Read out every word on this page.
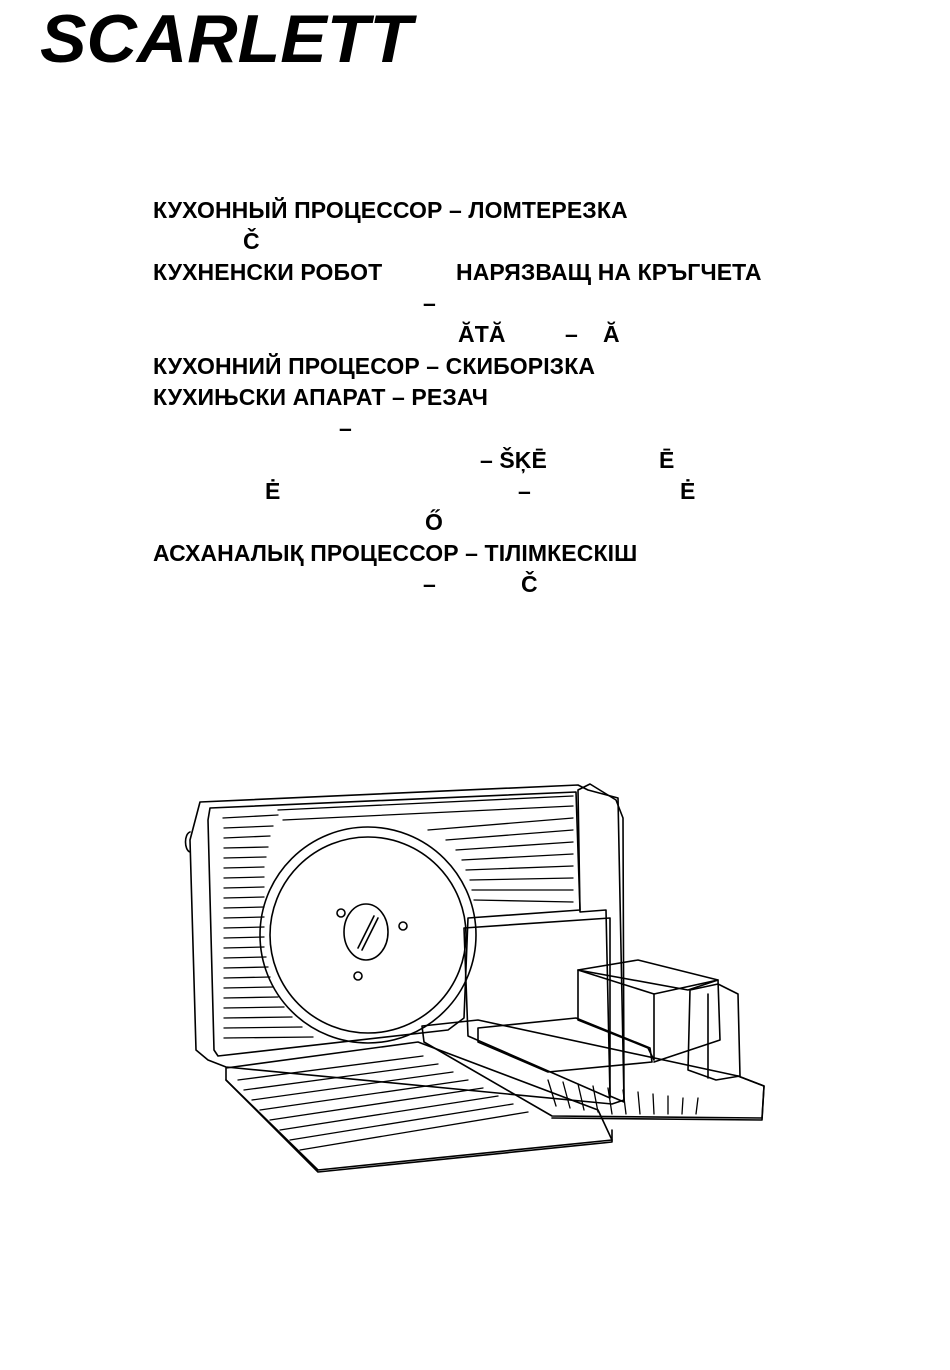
SCARLETT

КУХОННЫЙ ПРОЦЕССОР – ЛОМТЕРЕЗКА

Č

КУХНЕНСКИ РОБОТ	НАРЯЗВАЩ НА КРЪГЧЕТА

–

ĂTĂ	–	Ă

КУХОННИЙ ПРОЦЕСОР – СКИБОРІЗКА

КУХИЊСКИ АПАРАТ – РЕЗАЧ

–

– ŠĶĒ	Ē

Ė	–	Ė

Ő

АСХАНАЛЫҚ ПРОЦЕССОР – ТІЛІМКЕСКІШ

–	Č
